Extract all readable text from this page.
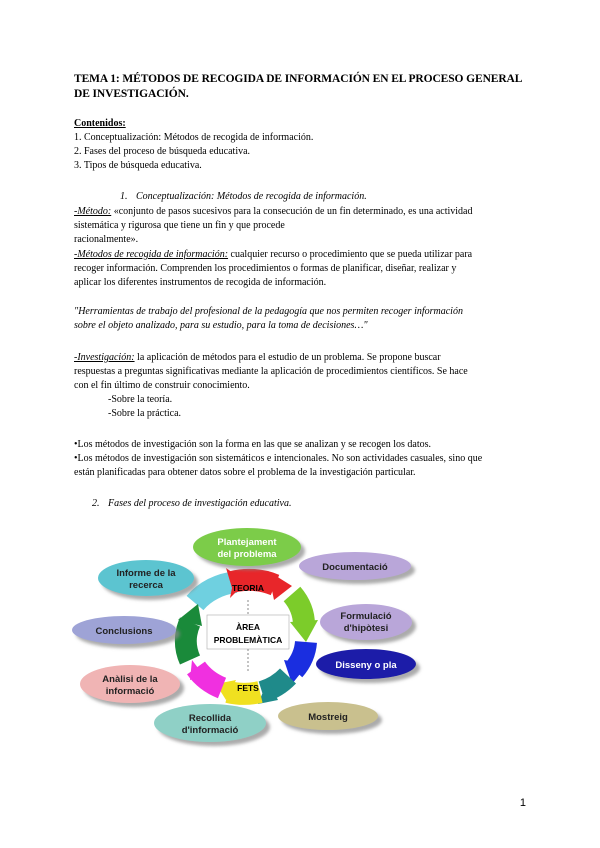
TEMA 1: MÉTODOS DE RECOGIDA DE INFORMACIÓN EN EL PROCESO GENERAL DE INVESTIGACIÓN.
Contenidos:
1. Conceptualización: Métodos de recogida de información.
2. Fases del proceso de búsqueda educativa.
3. Tipos de búsqueda educativa.
1. Conceptualización: Métodos de recogida de información.
-Método: «conjunto de pasos sucesivos para la consecución de un fin determinado, es una actividad
sistemática y rigurosa que tiene un fin y que procede
racionalmente».
-Métodos de recogida de información: cualquier recurso o procedimiento que se pueda utilizar para
recoger información. Comprenden los procedimientos o formas de planificar, diseñar, realizar y
aplicar los diferentes instrumentos de recogida de información.
"Herramientas de trabajo del profesional de la pedagogía que nos permiten recoger información
sobre el objeto analizado, para su estudio, para la toma de decisiones…"
-Investigación: la aplicación de métodos para el estudio de un problema. Se propone buscar
respuestas a preguntas significativas mediante la aplicación de procedimientos científicos. Se hace
con el fin último de construir conocimiento.
-Sobre la teoría.
-Sobre la práctica.
•Los métodos de investigación son la forma en las que se analizan y se recogen los datos.
•Los métodos de investigación son sistemáticos e intencionales. No son actividades casuales, sino que
están planificadas para obtener datos sobre el problema de la investigación particular.
2. Fases del proceso de investigación educativa.
ÀREA
PROBLEMÀTICA
TEORIA
FETS
Plantejament
del problema
Documentació
Formulació
d'hipòtesi
Disseny o pla
Mostreig
Recollida
d'informació
Anàlisi de la
informació
Conclusions
Informe de la
recerca
1
